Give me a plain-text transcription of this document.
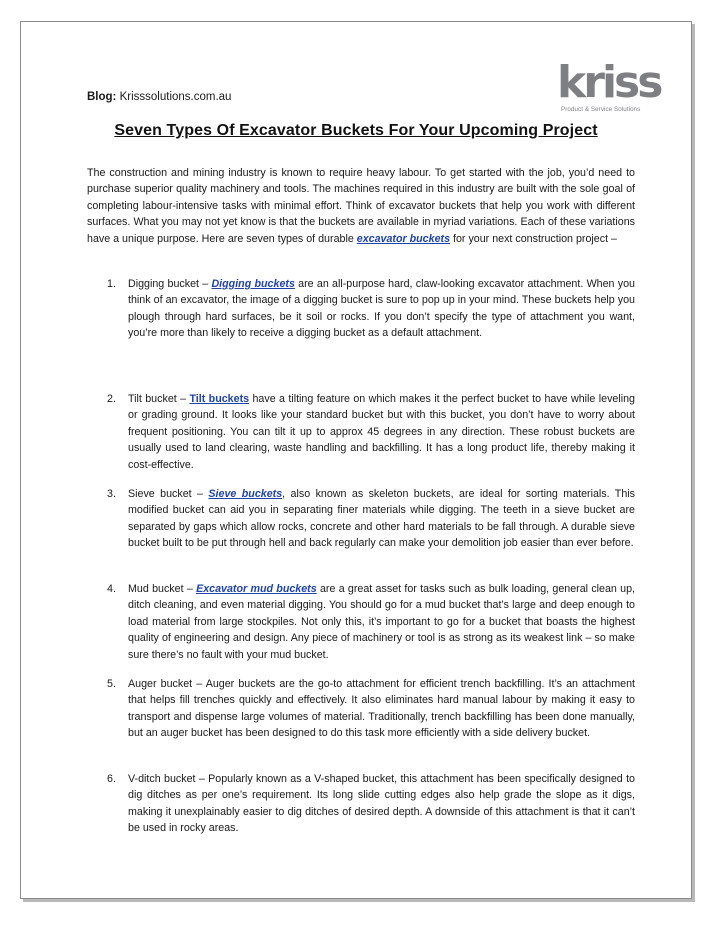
Blog: Krisssolutions.com.au	kriss
Product & Service Solutions
Seven Types Of Excavator Buckets For Your Upcoming Project

The construction and mining industry is known to require heavy labour. To get started with the job, you’d need to purchase superior quality machinery and tools. The machines required in this industry are built with the sole goal of completing labour-intensive tasks with minimal effort. Think of excavator buckets that help you work with different surfaces. What you may not yet know is that the buckets are available in myriad variations. Each of these variations have a unique purpose. Here are seven types of durable excavator buckets for your next construction project –

1. Digging bucket – Digging buckets are an all-purpose hard, claw-looking excavator attachment. When you think of an excavator, the image of a digging bucket is sure to pop up in your mind. These buckets help you plough through hard surfaces, be it soil or rocks. If you don’t specify the type of attachment you want, you’re more than likely to receive a digging bucket as a default attachment.

2. Tilt bucket – Tilt buckets have a tilting feature on which makes it the perfect bucket to have while leveling or grading ground. It looks like your standard bucket but with this bucket, you don’t have to worry about frequent positioning. You can tilt it up to approx 45 degrees in any direction. These robust buckets are usually used to land clearing, waste handling and backfilling. It has a long product life, thereby making it cost-effective.

3. Sieve bucket – Sieve buckets, also known as skeleton buckets, are ideal for sorting materials. This modified bucket can aid you in separating finer materials while digging. The teeth in a sieve bucket are separated by gaps which allow rocks, concrete and other hard materials to be fall through. A durable sieve bucket built to be put through hell and back regularly can make your demolition job easier than ever before.

4. Mud bucket – Excavator mud buckets are a great asset for tasks such as bulk loading, general clean up, ditch cleaning, and even material digging. You should go for a mud bucket that’s large and deep enough to load material from large stockpiles. Not only this, it’s important to go for a bucket that boasts the highest quality of engineering and design. Any piece of machinery or tool is as strong as its weakest link – so make sure there’s no fault with your mud bucket.

5. Auger bucket – Auger buckets are the go-to attachment for efficient trench backfilling. It’s an attachment that helps fill trenches quickly and effectively. It also eliminates hard manual labour by making it easy to transport and dispense large volumes of material. Traditionally, trench backfilling has been done manually, but an auger bucket has been designed to do this task more efficiently with a side delivery bucket.

6. V-ditch bucket – Popularly known as a V-shaped bucket, this attachment has been specifically designed to dig ditches as per one’s requirement. Its long slide cutting edges also help grade the slope as it digs, making it unexplainably easier to dig ditches of desired depth. A downside of this attachment is that it can’t be used in rocky areas.
